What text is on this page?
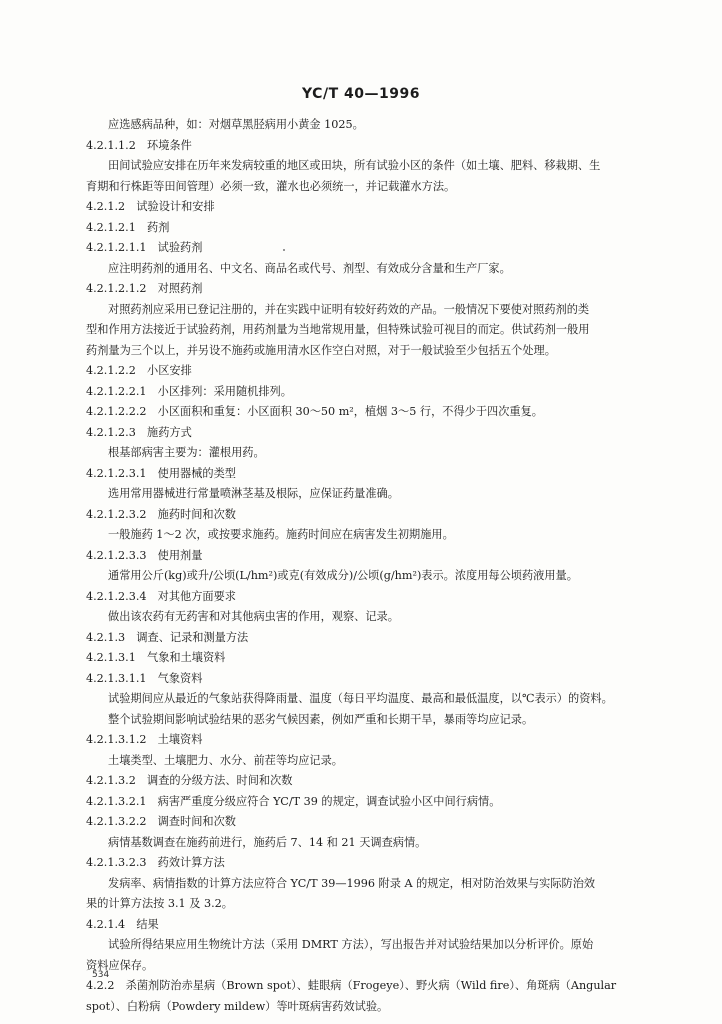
YC/T 40—1996
应选感病品种，如：对烟草黑胫病用小黄金 1025。
4.2.1.1.2　环境条件
田间试验应安排在历年来发病较重的地区或田块，所有试验小区的条件（如土壤、肥料、移栽期、生
育期和行株距等田间管理）必须一致，灌水也必须统一，并记载灌水方法。
4.2.1.2　试验设计和安排
4.2.1.2.1　药剂
4.2.1.2.1.1　试验药剂
应注明药剂的通用名、中文名、商品名或代号、剂型、有效成分含量和生产厂家。
4.2.1.2.1.2　对照药剂
对照药剂应采用已登记注册的，并在实践中证明有较好药效的产品。一般情况下要使对照药剂的类
型和作用方法接近于试验药剂，用药剂量为当地常规用量，但特殊试验可视目的而定。供试药剂一般用
药剂量为三个以上，并另设不施药或施用清水区作空白对照，对于一般试验至少包括五个处理。
4.2.1.2.2　小区安排
4.2.1.2.2.1　小区排列：采用随机排列。
4.2.1.2.2.2　小区面积和重复：小区面积 30～50 m²，植烟 3～5 行，不得少于四次重复。
4.2.1.2.3　施药方式
根基部病害主要为：灌根用药。
4.2.1.2.3.1　使用器械的类型
选用常用器械进行常量喷淋茎基及根际，应保证药量准确。
4.2.1.2.3.2　施药时间和次数
一般施药 1～2 次，或按要求施药。施药时间应在病害发生初期施用。
4.2.1.2.3.3　使用剂量
通常用公斤(kg)或升/公顷(L/hm²)或克(有效成分)/公顷(g/hm²)表示。浓度用每公顷药液用量。
4.2.1.2.3.4　对其他方面要求
做出该农药有无药害和对其他病虫害的作用，观察、记录。
4.2.1.3　调查、记录和测量方法
4.2.1.3.1　气象和土壤资料
4.2.1.3.1.1　气象资料
试验期间应从最近的气象站获得降雨量、温度（每日平均温度、最高和最低温度，以℃表示）的资料。
整个试验期间影响试验结果的恶劣气候因素，例如严重和长期干旱，暴雨等均应记录。
4.2.1.3.1.2　土壤资料
土壤类型、土壤肥力、水分、前茬等均应记录。
4.2.1.3.2　调查的分级方法、时间和次数
4.2.1.3.2.1　病害严重度分级应符合 YC/T 39 的规定，调查试验小区中间行病情。
4.2.1.3.2.2　调查时间和次数
病情基数调查在施药前进行，施药后 7、14 和 21 天调查病情。
4.2.1.3.2.3　药效计算方法
发病率、病情指数的计算方法应符合 YC/T 39—1996 附录 A 的规定，相对防治效果与实际防治效
果的计算方法按 3.1 及 3.2。
4.2.1.4　结果
试验所得结果应用生物统计方法（采用 DMRT 方法），写出报告并对试验结果加以分析评价。原始
资料应保存。
4.2.2　杀菌剂防治赤星病（Brown spot）、蛙眼病（Frogeye）、野火病（Wild fire）、角斑病（Angular
spot）、白粉病（Powdery mildew）等叶斑病害药效试验。
534
